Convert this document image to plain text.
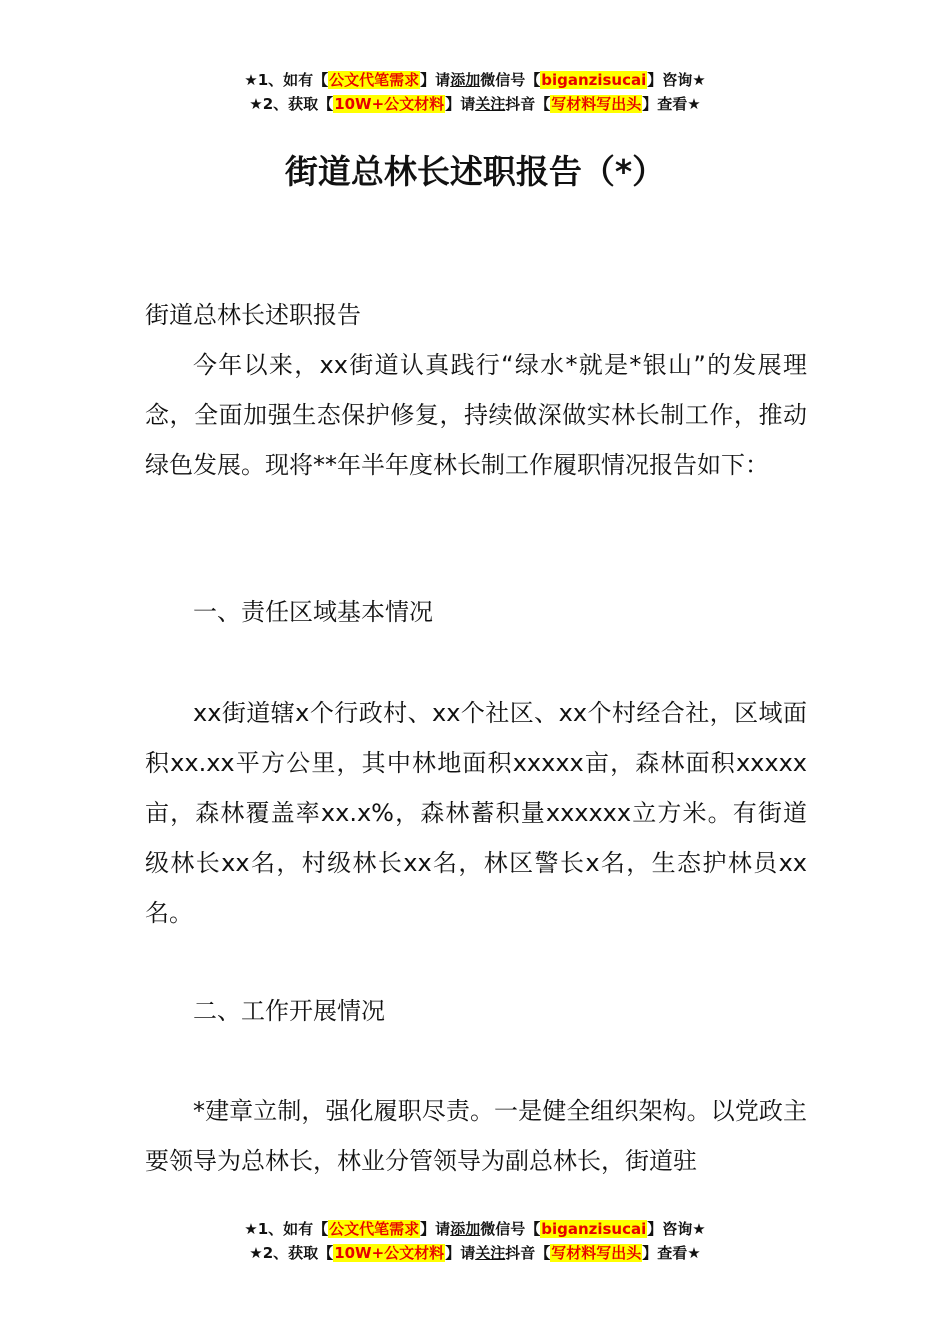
★1、如有【公文代笔需求】请添加微信号【biganzisucai】咨询★
★2、获取【10W+公文材料】请关注抖音【写材料写出头】查看★
街道总林长述职报告（*）

街道总林长述职报告

今年以来，xx街道认真践行“绿水*就是*银山”的发展理念，全面加强生态保护修复，持续做深做实林长制工作，推动绿色发展。现将**年半年度林长制工作履职情况报告如下：

一、责任区域基本情况

xx街道辖x个行政村、xx个社区、xx个村经合社，区域面积xx.xx平方公里，其中林地面积xxxxx亩，森林面积xxxxx亩，森林覆盖率xx.x%，森林蓄积量xxxxxx立方米。有街道级林长xx名，村级林长xx名，林区警长x名，生态护林员xx名。

二、工作开展情况

*建章立制，强化履职尽责。一是健全组织架构。以党政主要领导为总林长，林业分管领导为副总林长，街道驻

★1、如有【公文代笔需求】请添加微信号【biganzisucai】咨询★
★2、获取【10W+公文材料】请关注抖音【写材料写出头】查看★
